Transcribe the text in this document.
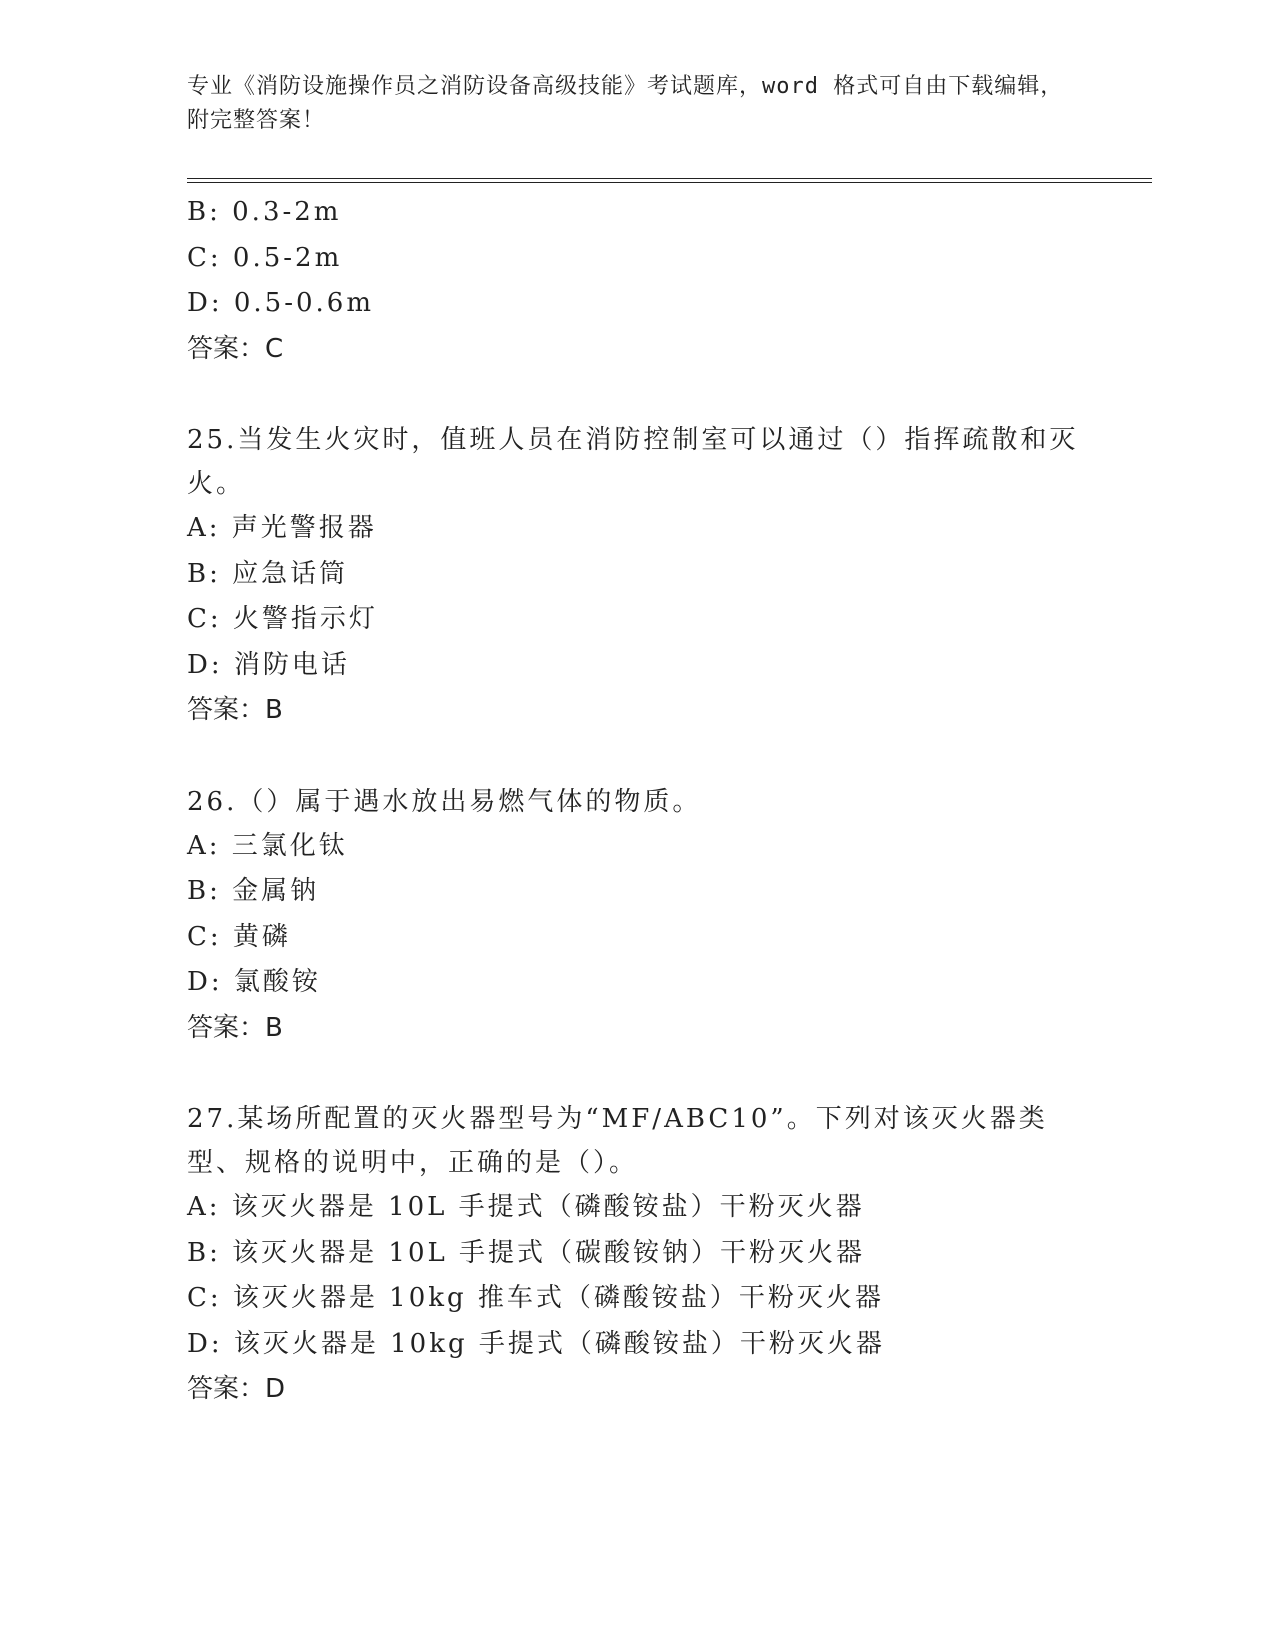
专业《消防设施操作员之消防设备高级技能》考试题库，word 格式可自由下载编辑，附完整答案！
B: 0.3-2m
C: 0.5-2m
D: 0.5-0.6m
答案：C
25.当发生火灾时，值班人员在消防控制室可以通过（）指挥疏散和灭火。
A: 声光警报器
B: 应急话筒
C: 火警指示灯
D: 消防电话
答案：B
26.（）属于遇水放出易燃气体的物质。
A: 三氯化钛
B: 金属钠
C: 黄磷
D: 氯酸铵
答案：B
27.某场所配置的灭火器型号为“MF/ABC10”。下列对该灭火器类型、规格的说明中，正确的是（）。
A: 该灭火器是 10L 手提式（磷酸铵盐）干粉灭火器
B: 该灭火器是 10L 手提式（碳酸铵钠）干粉灭火器
C: 该灭火器是 10kg 推车式（磷酸铵盐）干粉灭火器
D: 该灭火器是 10kg 手提式（磷酸铵盐）干粉灭火器
答案：D
